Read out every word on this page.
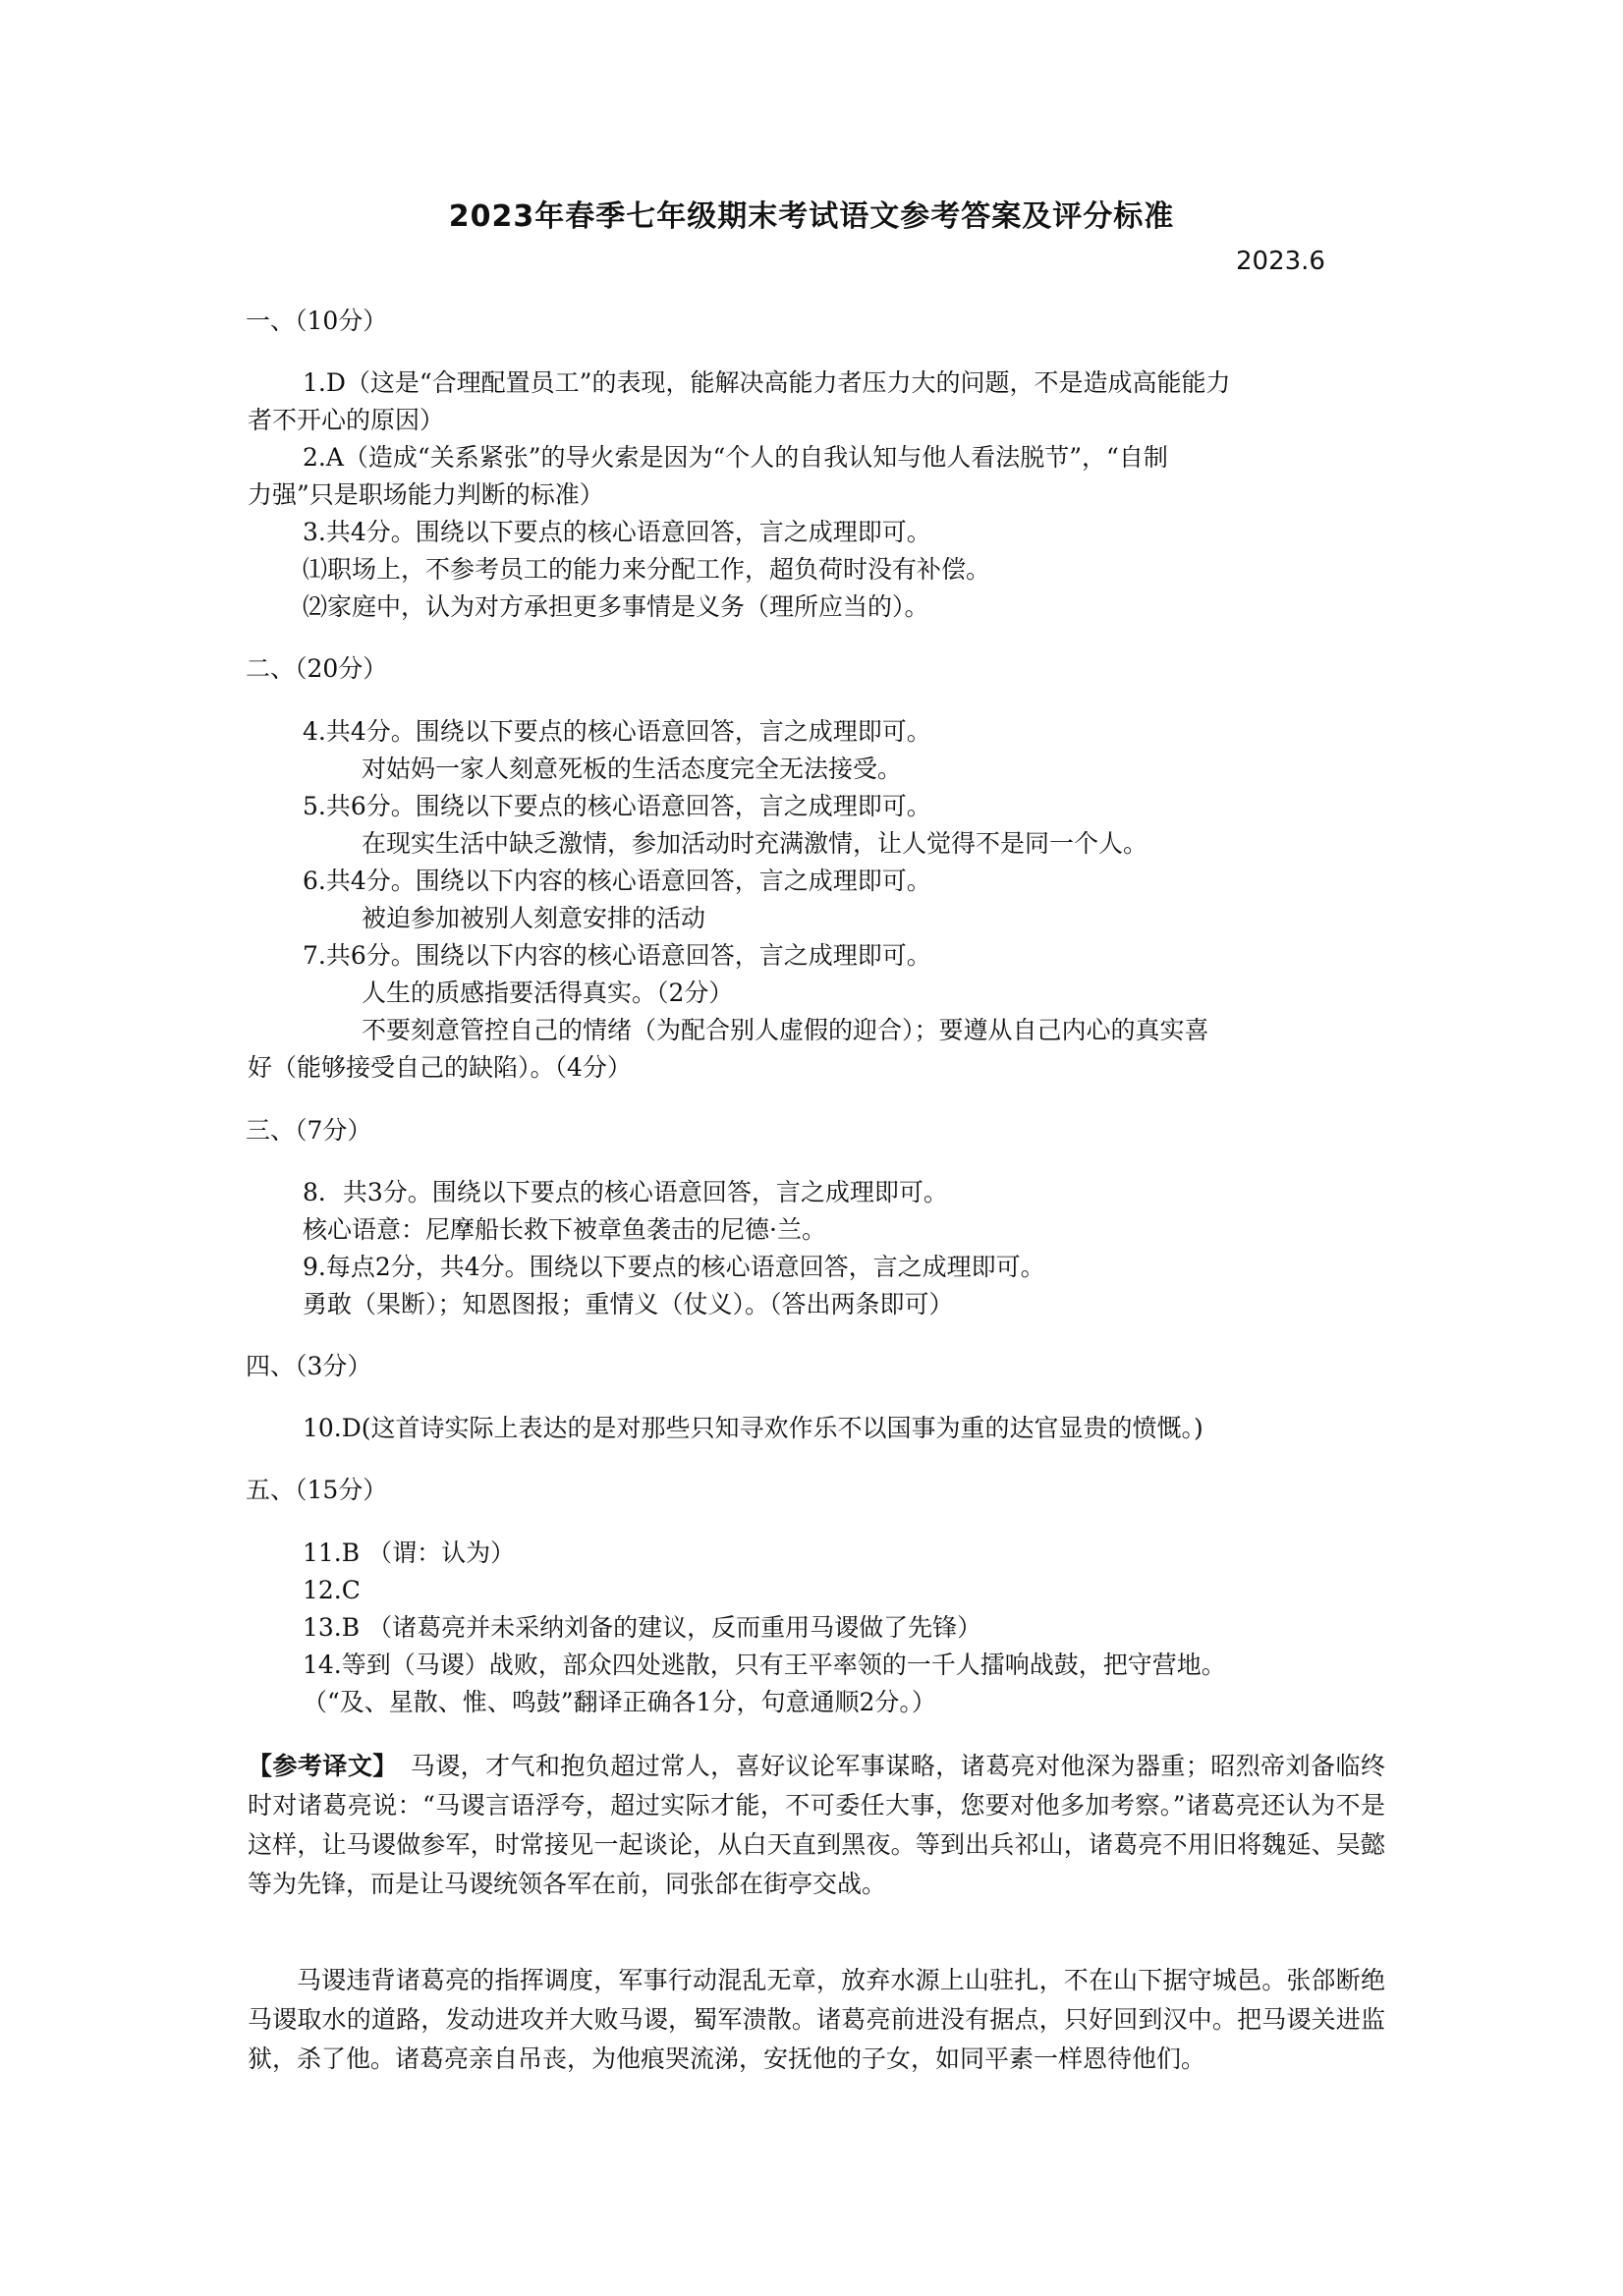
2023年春季七年级期末考试语文参考答案及评分标准
2023.6
一、（10分）
1.D（这是“合理配置员工”的表现，能解决高能力者压力大的问题，不是造成高能能力
者不开心的原因）
2.A（造成“关系紧张”的导火索是因为“个人的自我认知与他人看法脱节”，“自制
力强”只是职场能力判断的标准）
3.共4分。围绕以下要点的核心语意回答，言之成理即可。
⑴职场上，不参考员工的能力来分配工作，超负荷时没有补偿。
⑵家庭中，认为对方承担更多事情是义务（理所应当的）。
二、（20分）
4.共4分。围绕以下要点的核心语意回答，言之成理即可。
对姑妈一家人刻意死板的生活态度完全无法接受。
5.共6分。围绕以下要点的核心语意回答，言之成理即可。
在现实生活中缺乏激情，参加活动时充满激情，让人觉得不是同一个人。
6.共4分。围绕以下内容的核心语意回答，言之成理即可。
被迫参加被别人刻意安排的活动
7.共6分。围绕以下内容的核心语意回答，言之成理即可。
人生的质感指要活得真实。（2分）
不要刻意管控自己的情绪（为配合别人虚假的迎合）；要遵从自己内心的真实喜
好（能够接受自己的缺陷）。（4分）
三、（7分）
8．共3分。围绕以下要点的核心语意回答，言之成理即可。
核心语意：尼摩船长救下被章鱼袭击的尼德·兰。
9.每点2分，共4分。围绕以下要点的核心语意回答，言之成理即可。
勇敢（果断）；知恩图报；重情义（仗义）。（答出两条即可）
四、（3分）
10.D(这首诗实际上表达的是对那些只知寻欢作乐不以国事为重的达官显贵的愤慨。)
五、（15分）
11.B （谓：认为）
12.C
13.B （诸葛亮并未采纳刘备的建议，反而重用马谡做了先锋）
14.等到（马谡）战败，部众四处逃散，只有王平率领的一千人擂响战鼓，把守营地。
（“及、星散、惟、鸣鼓”翻译正确各1分，句意通顺2分。）
【参考译文】　 马谡，才气和抱负超过常人，喜好议论军事谋略，诸葛亮对他深为器重；昭烈帝刘备临终时对诸葛亮说：“马谡言语浮夸，超过实际才能，不可委任大事，您要对他多加考察。”诸葛亮还认为不是这样，让马谡做参军，时常接见一起谈论，从白天直到黑夜。等到出兵祁山，诸葛亮不用旧将魏延、吴懿等为先锋，而是让马谡统领各军在前，同张郃在街亭交战。
马谡违背诸葛亮的指挥调度，军事行动混乱无章，放弃水源上山驻扎，不在山下据守城邑。张郃断绝马谡取水的道路，发动进攻并大败马谡，蜀军溃散。诸葛亮前进没有据点，只好回到汉中。把马谡关进监狱，杀了他。诸葛亮亲自吊丧，为他痕哭流涕，安抚他的子女，如同平素一样恩待他们。
